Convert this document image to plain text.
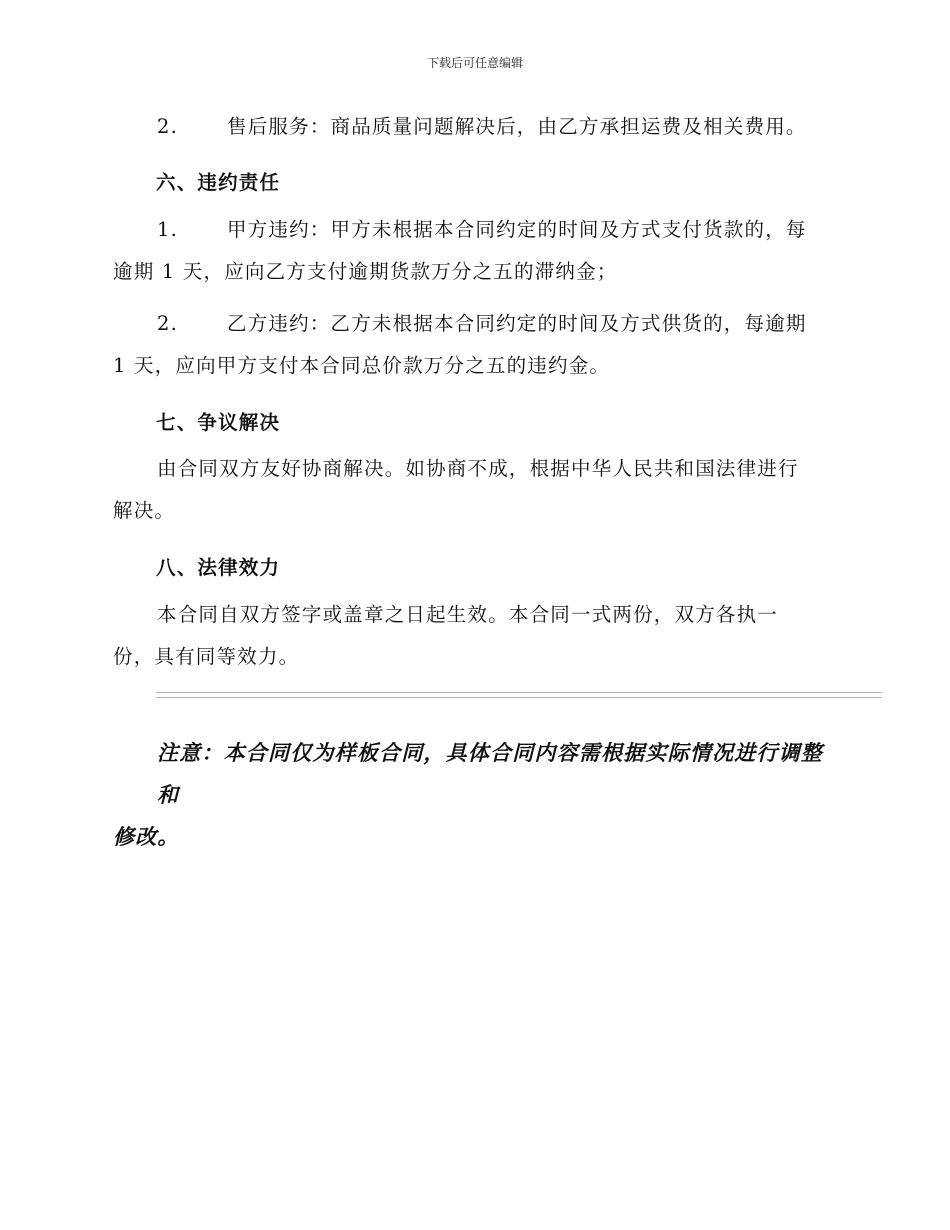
下载后可任意编辑
2.	售后服务：商品质量问题解决后，由乙方承担运费及相关费用。
六、违约责任
1.	甲方违约：甲方未根据本合同约定的时间及方式支付货款的，每
逾期 1 天，应向乙方支付逾期货款万分之五的滞纳金；
2.	乙方违约：乙方未根据本合同约定的时间及方式供货的，每逾期
1 天，应向甲方支付本合同总价款万分之五的违约金。
七、争议解决
由合同双方友好协商解决。如协商不成，根据中华人民共和国法律进行
解决。
八、法律效力
本合同自双方签字或盖章之日起生效。本合同一式两份，双方各执一
份，具有同等效力。
注意：本合同仅为样板合同，具体合同内容需根据实际情况进行调整和
修改。
